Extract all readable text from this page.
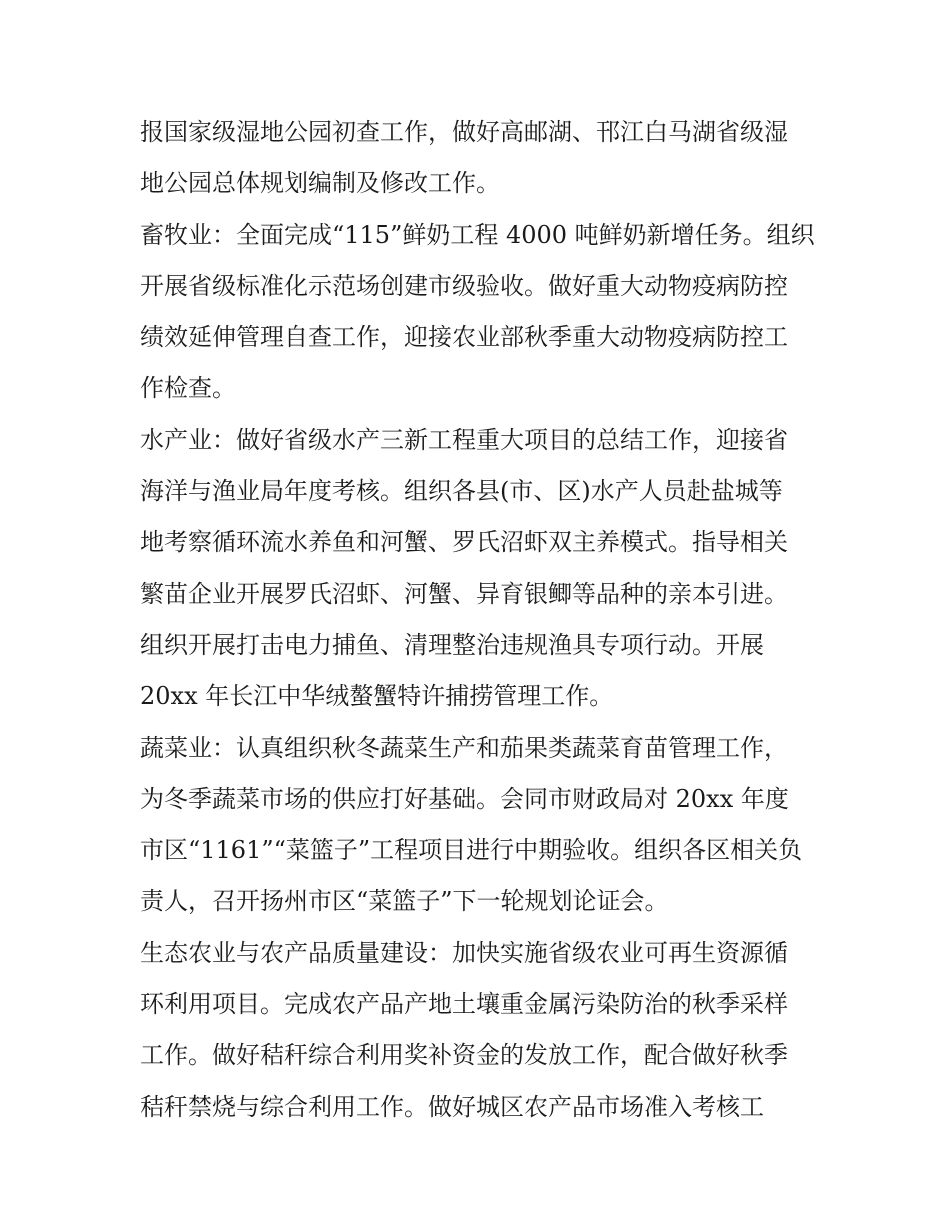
报国家级湿地公园初查工作，做好高邮湖、邗江白马湖省级湿
地公园总体规划编制及修改工作。
畜牧业：全面完成“115”鲜奶工程 4000 吨鲜奶新增任务。组织
开展省级标准化示范场创建市级验收。做好重大动物疫病防控
绩效延伸管理自查工作，迎接农业部秋季重大动物疫病防控工
作检查。
水产业：做好省级水产三新工程重大项目的总结工作，迎接省
海洋与渔业局年度考核。组织各县(市、区)水产人员赴盐城等
地考察循环流水养鱼和河蟹、罗氏沼虾双主养模式。指导相关
繁苗企业开展罗氏沼虾、河蟹、异育银鲫等品种的亲本引进。
组织开展打击电力捕鱼、清理整治违规渔具专项行动。开展
20xx 年长江中华绒螯蟹特许捕捞管理工作。
蔬菜业：认真组织秋冬蔬菜生产和茄果类蔬菜育苗管理工作，
为冬季蔬菜市场的供应打好基础。会同市财政局对 20xx 年度
市区“1161”“菜篮子”工程项目进行中期验收。组织各区相关负
责人，召开扬州市区“菜篮子”下一轮规划论证会。
生态农业与农产品质量建设：加快实施省级农业可再生资源循
环利用项目。完成农产品产地土壤重金属污染防治的秋季采样
工作。做好秸秆综合利用奖补资金的发放工作，配合做好秋季
秸秆禁烧与综合利用工作。做好城区农产品市场准入考核工
